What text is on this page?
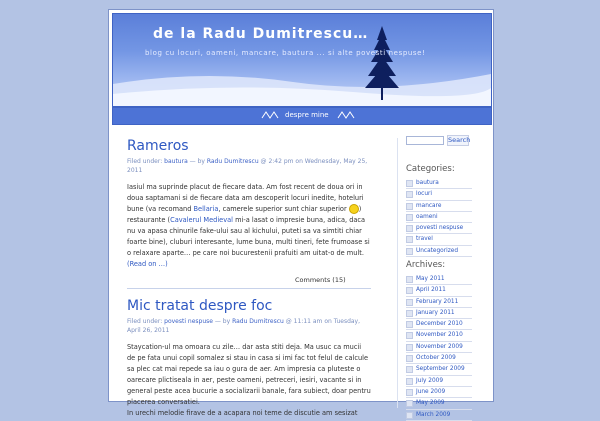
de la Radu Dumitrescu…
blog cu locuri, oameni, mancare, bautura ... si alte povesti nespuse!
despre mine
Rameros
Filed under: bautura — by Radu Dumitrescu @ 2:42 pm on Wednesday, May 25, 2011
Iasiul ma suprinde placut de fiecare data. Am fost recent de doua ori in doua saptamani si de fiecare data am descoperit locuri inedite, hoteluri bune (va recomand Bellaria, camerele superior sunt chiar superior ) restaurante (Cavalerul Medieval mi-a lasat o impresie buna, adica, daca nu va apasa chinurile fake-ului sau al kichului, puteti sa va simtiti chiar foarte bine), cluburi interesante, lume buna, multi tineri, fete frumoase si o relaxare aparte… pe care noi bucurestenii prafuiti am uitat-o de mult. (Read on …)
Comments (15)
Mic tratat despre foc
Filed under: povesti nespuse — by Radu Dumitrescu @ 11:11 am on Tuesday, April 26, 2011
Staycation-ul ma omoara cu zile… dar asta stiti deja. Ma usuc ca mucii de pe fata unui copil somalez si stau in casa si imi fac tot felul de calcule sa plec cat mai repede sa iau o gura de aer. Am impresia ca pluteste o oarecare plictiseala in aer, peste oameni, petreceri, iesiri, vacante si in general peste acea bucurie a socializarii banale, fara subiect, doar pentru placerea conversatiei.
In urechi melodie firave de a acapara noi teme de discutie am sesizat
Search
Categories:
bautura
locuri
mancare
oameni
povesti nespuse
travel
Uncategorized
Archives:
May 2011
April 2011
February 2011
January 2011
December 2010
November 2010
November 2009
October 2009
September 2009
July 2009
June 2009
May 2009
March 2009
